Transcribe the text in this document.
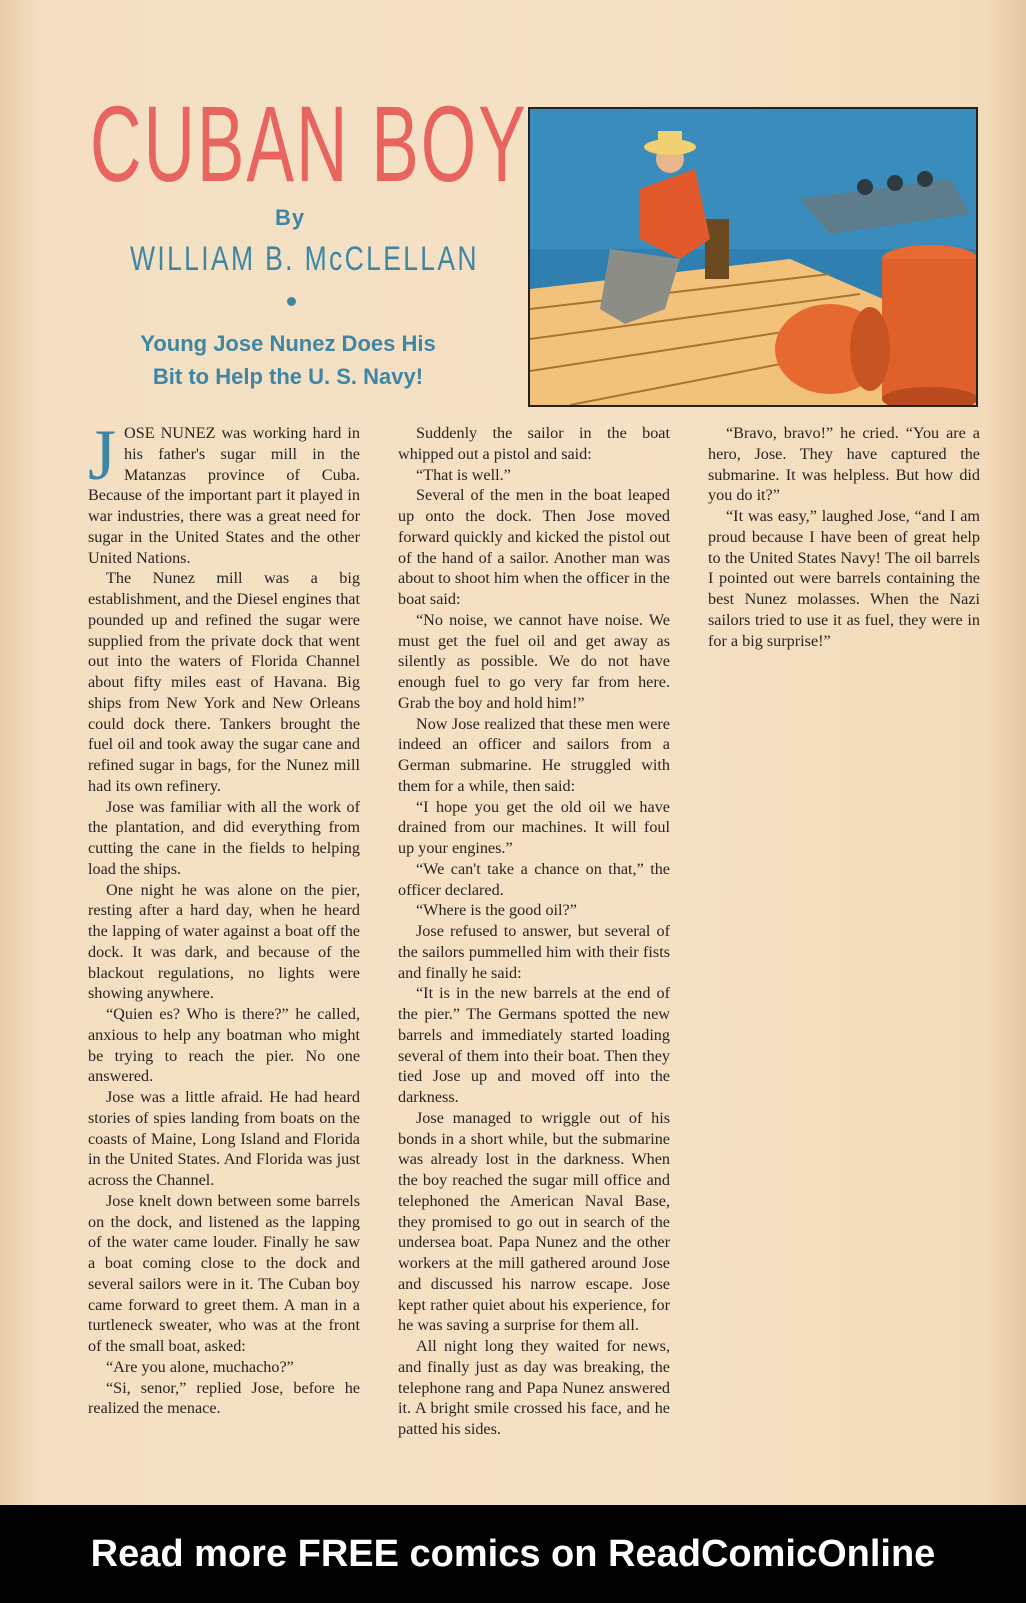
CUBAN BOY
By
WILLIAM B. McCLELLAN
Young Jose Nunez Does His
Bit to Help the U. S. Navy!

JOSE NUNEZ was working hard in his father's sugar mill in the Matanzas province of Cuba. Because of the important part it played in war industries, there was a great need for sugar in the United States and the other United Nations.

The Nunez mill was a big establishment, and the Diesel engines that pounded up and refined the sugar were supplied from the private dock that went out into the waters of Florida Channel about fifty miles east of Havana. Big ships from New York and New Orleans could dock there. Tankers brought the fuel oil and took away the sugar cane and refined sugar in bags, for the Nunez mill had its own refinery.

Jose was familiar with all the work of the plantation, and did everything from cutting the cane in the fields to helping load the ships.

One night he was alone on the pier, resting after a hard day, when he heard the lapping of water against a boat off the dock. It was dark, and because of the blackout regulations, no lights were showing anywhere.

“Quien es? Who is there?” he called, anxious to help any boatman who might be trying to reach the pier. No one answered.

Jose was a little afraid. He had heard stories of spies landing from boats on the coasts of Maine, Long Island and Florida in the United States. And Florida was just across the Channel.

Jose knelt down between some barrels on the dock, and listened as the lapping of the water came louder. Finally he saw a boat coming close to the dock and several sailors were in it. The Cuban boy came forward to greet them. A man in a turtleneck sweater, who was at the front of the small boat, asked:

“Are you alone, muchacho?”

“Si, senor,” replied Jose, before he realized the menace.

Suddenly the sailor in the boat whipped out a pistol and said:

“That is well.”

Several of the men in the boat leaped up onto the dock. Then Jose moved forward quickly and kicked the pistol out of the hand of a sailor. Another man was about to shoot him when the officer in the boat said:

“No noise, we cannot have noise. We must get the fuel oil and get away as silently as possible. We do not have enough fuel to go very far from here. Grab the boy and hold him!”

Now Jose realized that these men were indeed an officer and sailors from a German submarine. He struggled with them for a while, then said:

“I hope you get the old oil we have drained from our machines. It will foul up your engines.”

“We can't take a chance on that,” the officer declared.

“Where is the good oil?”

Jose refused to answer, but several of the sailors pummelled him with their fists and finally he said:

“It is in the new barrels at the end of the pier.” The Germans spotted the new barrels and immediately started loading several of them into their boat. Then they tied Jose up and moved off into the darkness.

Jose managed to wriggle out of his bonds in a short while, but the submarine was already lost in the darkness. When the boy reached the sugar mill office and telephoned the American Naval Base, they promised to go out in search of the undersea boat. Papa Nunez and the other workers at the mill gathered around Jose and discussed his narrow escape. Jose kept rather quiet about his experience, for he was saving a surprise for them all.

All night long they waited for news, and finally just as day was breaking, the telephone rang and Papa Nunez answered it. A bright smile crossed his face, and he patted his sides.

“Bravo, bravo!” he cried. “You are a hero, Jose. They have captured the submarine. It was helpless. But how did you do it?”

“It was easy,” laughed Jose, “and I am proud because I have been of great help to the United States Navy! The oil barrels I pointed out were barrels containing the best Nunez molasses. When the Nazi sailors tried to use it as fuel, they were in for a big surprise!”

Read more FREE comics on ReadComicOnline
